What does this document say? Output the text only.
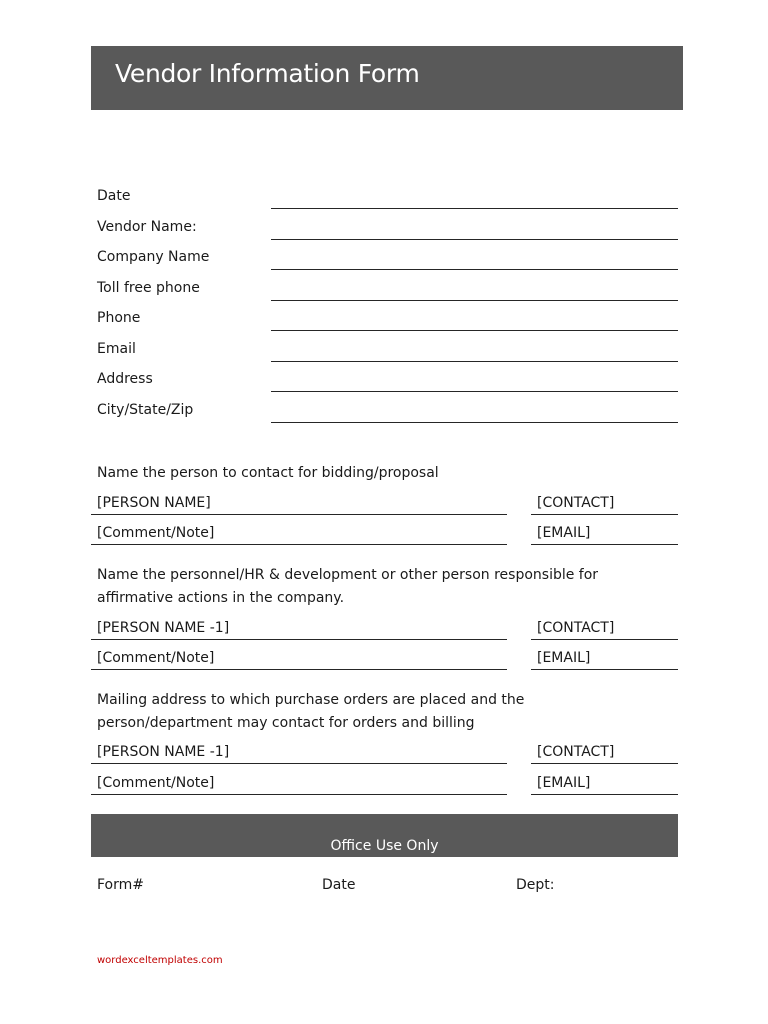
Vendor Information Form
Date
Vendor Name:
Company Name
Toll free phone
Phone
Email
Address
City/State/Zip
Name the person to contact for bidding/proposal
[PERSON NAME]	[CONTACT]
[Comment/Note]	[EMAIL]
Name the personnel/HR & development or other person responsible for affirmative actions in the company.
[PERSON NAME -1]	[CONTACT]
[Comment/Note]	[EMAIL]
Mailing address to which purchase orders are placed and the person/department may contact for orders and billing
[PERSON NAME -1]	[CONTACT]
[Comment/Note]	[EMAIL]
Office Use Only
Form#	Date	Dept:
wordexceltemplates.com
